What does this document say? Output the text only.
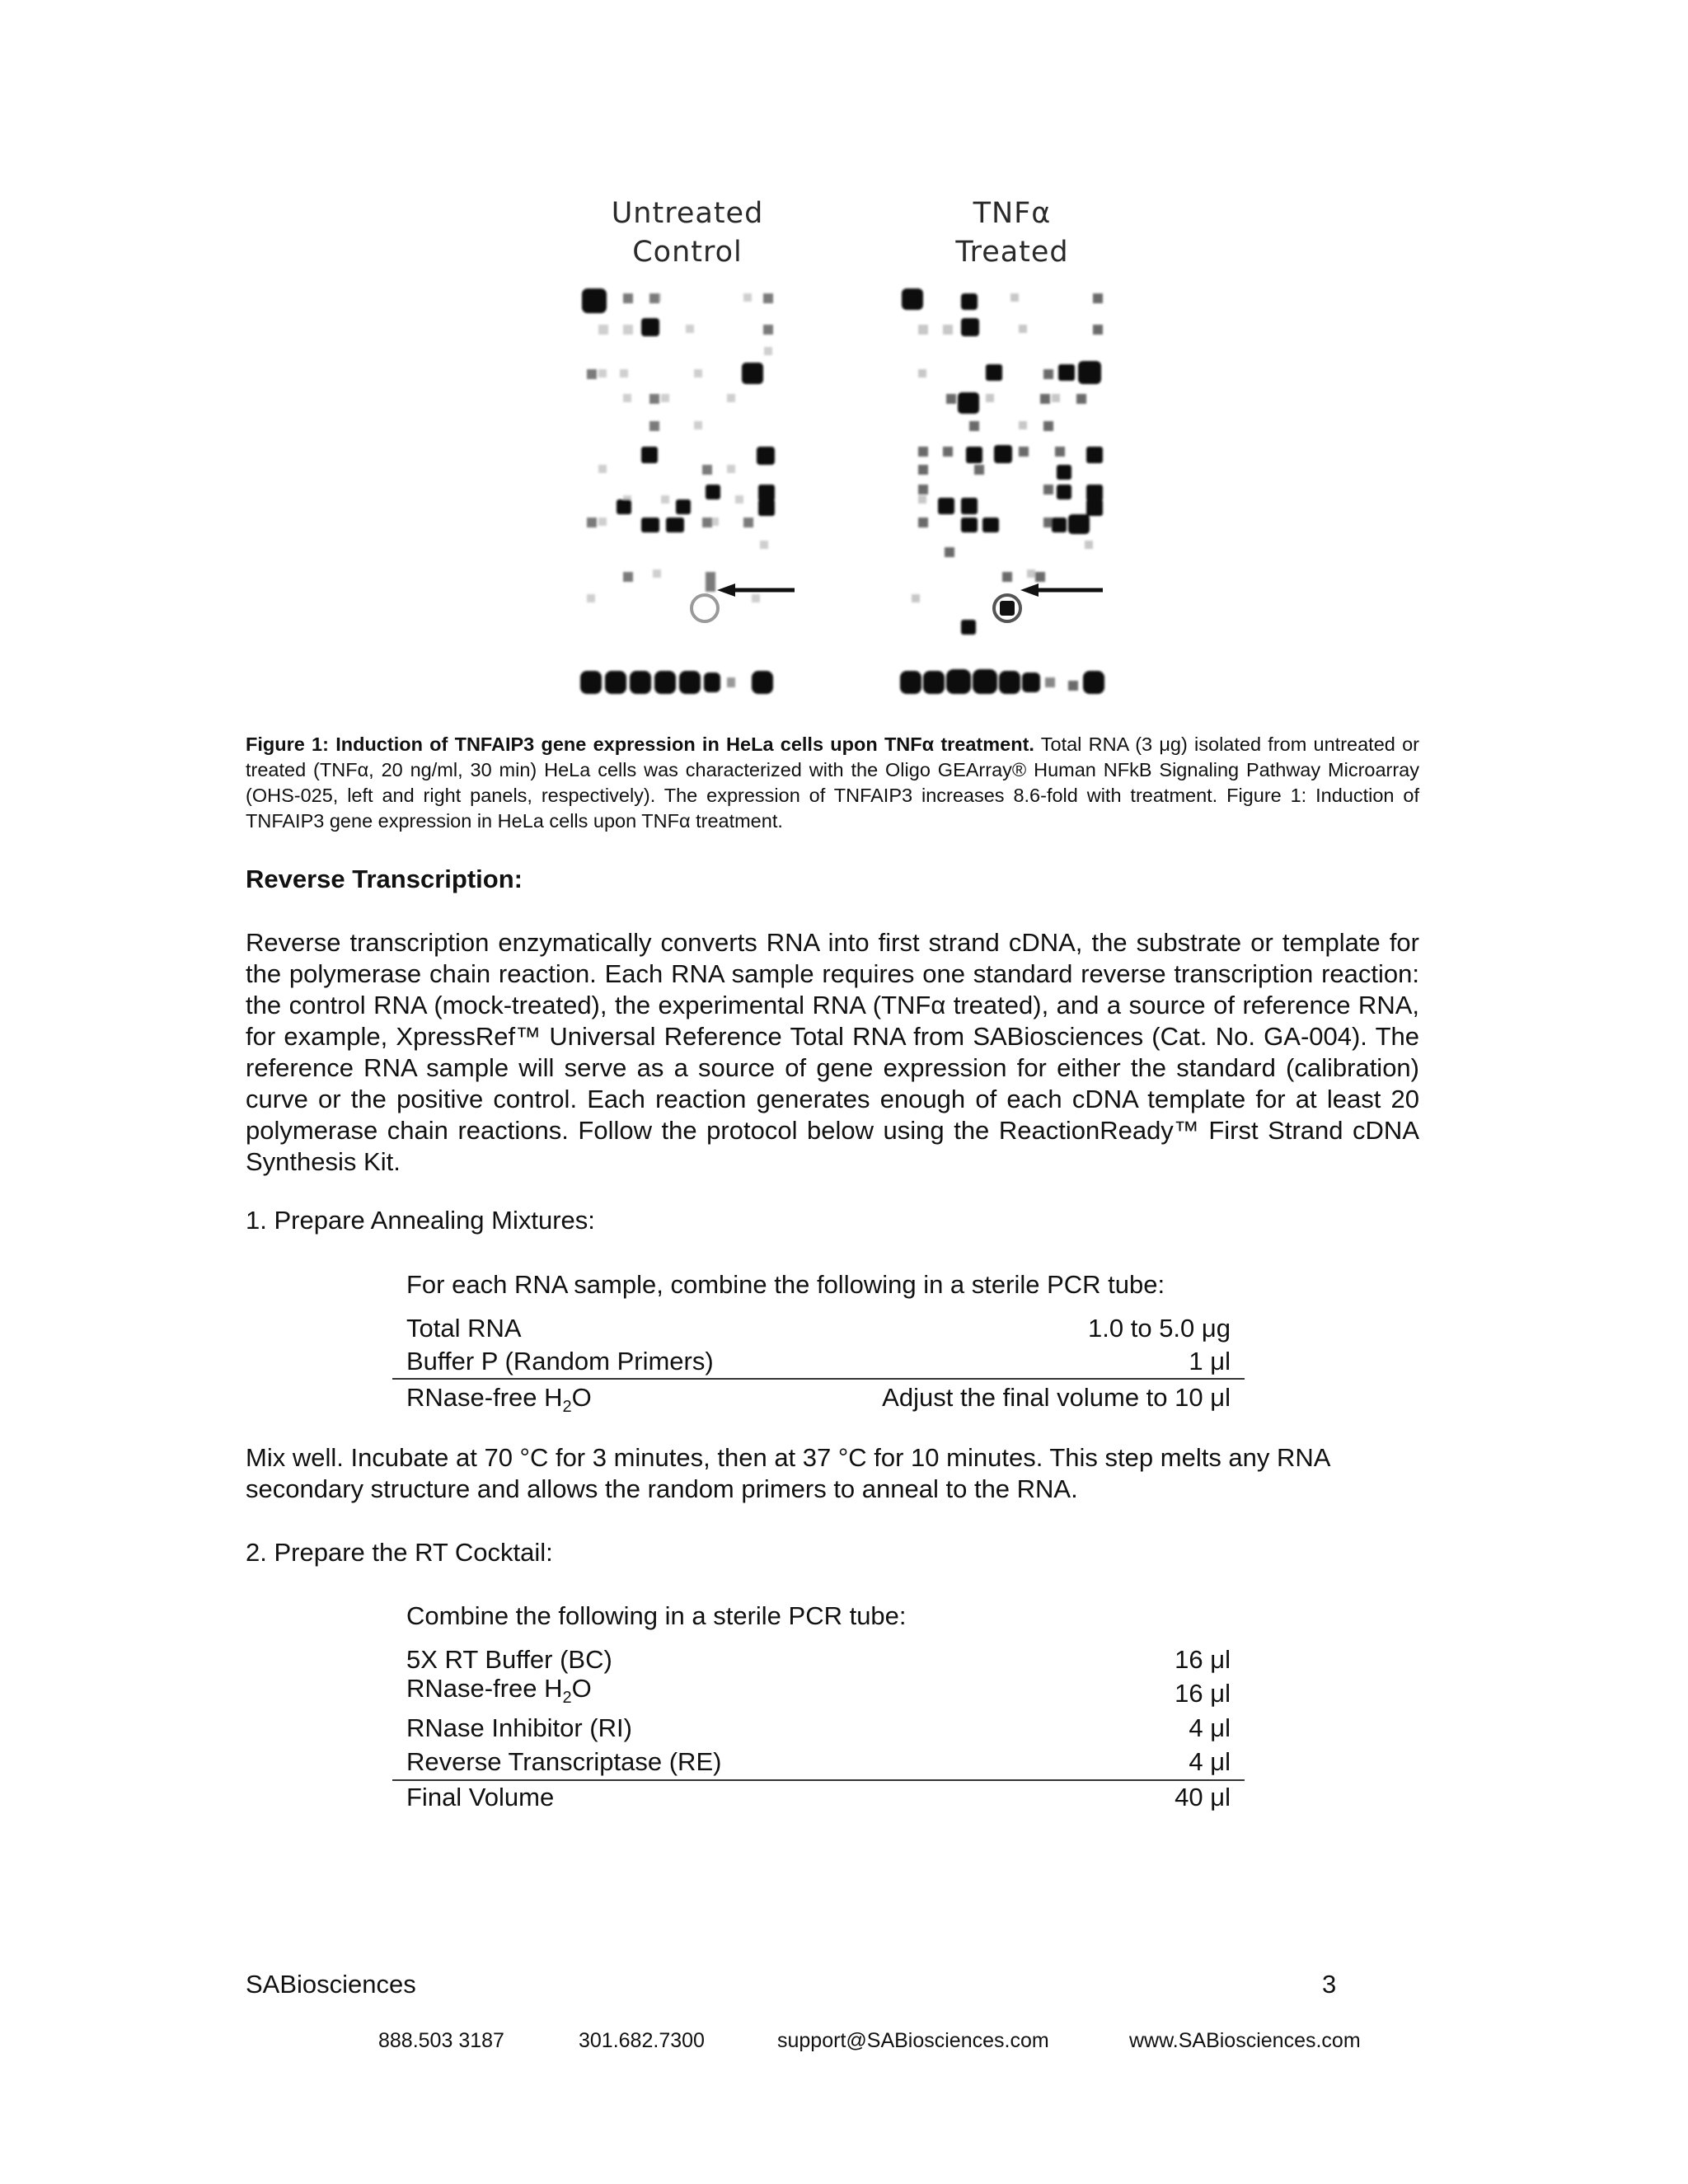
Untreated
Control
TNFα
Treated
Figure 1: Induction of TNFAIP3 gene expression in HeLa cells upon TNFα treatment. Total RNA (3 μg) isolated from untreated or treated (TNFα, 20 ng/ml, 30 min) HeLa cells was characterized with the Oligo GEArray® Human NFkB Signaling Pathway Microarray (OHS-025, left and right panels, respectively). The expression of TNFAIP3 increases 8.6-fold with treatment. Figure 1: Induction of TNFAIP3 gene expression in HeLa cells upon TNFα treatment.
Reverse Transcription:
Reverse transcription enzymatically converts RNA into first strand cDNA, the substrate or template for the polymerase chain reaction. Each RNA sample requires one standard reverse transcription reaction: the control RNA (mock-treated), the experimental RNA (TNFα treated), and a source of reference RNA, for example, XpressRef™ Universal Reference Total RNA from SABiosciences (Cat. No. GA-004). The reference RNA sample will serve as a source of gene expression for either the standard (calibration) curve or the positive control. Each reaction generates enough of each cDNA template for at least 20 polymerase chain reactions. Follow the protocol below using the ReactionReady™ First Strand cDNA Synthesis Kit.
1. Prepare Annealing Mixtures:
For each RNA sample, combine the following in a sterile PCR tube:
Total RNA	1.0 to 5.0 μg
Buffer P (Random Primers)	1 μl
RNase-free $H_2O$	Adjust the final volume to 10 μl
Mix well. Incubate at 70 °C for 3 minutes, then at 37 °C for 10 minutes. This step melts any RNA secondary structure and allows the random primers to anneal to the RNA.
2. Prepare the RT Cocktail:
Combine the following in a sterile PCR tube:
5X RT Buffer (BC)	16 μl
RNase-free $H_2O$	16 μl
RNase Inhibitor (RI)	4 μl
Reverse Transcriptase (RE)	4 μl
Final Volume	40 μl
SABiosciences	3
888.503 3187	301.682.7300	support@SABiosciences.com	www.SABiosciences.com
